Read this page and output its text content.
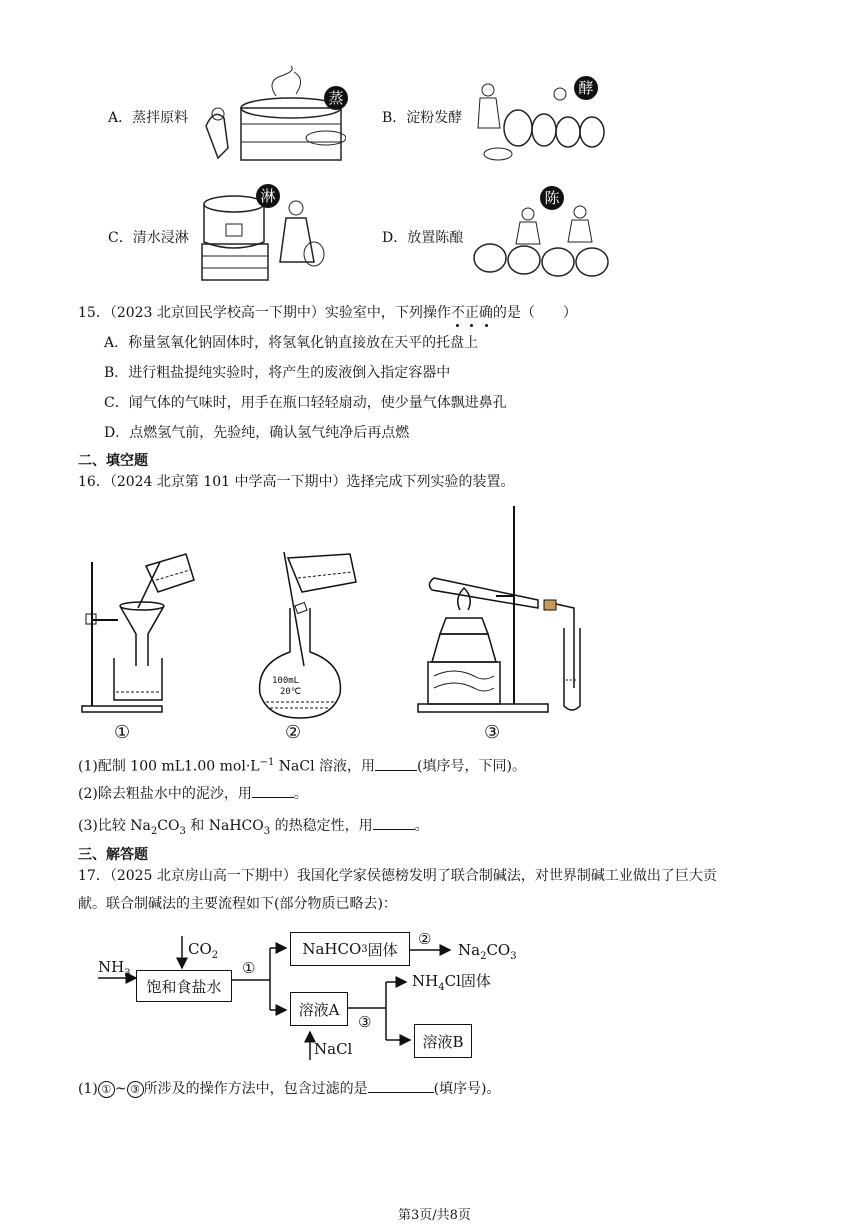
A．蒸拌原料
蒸
B．淀粉发酵
酵
C．清水浸淋
淋
D．放置陈酿
陈
15．（2023 北京回民学校高一下期中）实验室中，下列操作不正确
的是（　　）
A．称量氢氧化钠固体时，将氢氧化钠直接放在天平的托盘上
B．进行粗盐提纯实验时，将产生的废液倒入指定容器中
C．闻气体的气味时，用手在瓶口轻轻扇动，使少量气体飘进鼻孔
D．点燃氢气前，先验纯，确认氢气纯净后再点燃
二、填空题
16．（2024 北京第 101 中学高一下期中）选择完成下列实验的装置。
①
100mL
20℃
②	③
(1)配制 100 mL1.00 $mol\cdot L^{-1}$ NaCl 溶液，用	(填序号，下同)。
(2)除去粗盐水中的泥沙，用	。
(3)比较 $Na_2CO_3$ 和 NaHCO$_3$ 的热稳定性，用	。
三、解答题
17．（2025 北京房山高一下期中）我国化学家侯德榜发明了联合制碱法，对世界制碱工业做出了巨大贡
献。联合制碱法的主要流程如下(部分物质已略去)：
$NH_3$
$CO_2$
饱和食盐水
①
NaHCO 3 固体
②
$Na_2CO_3$
$NH_4Cl$固体
溶液A
③
溶液B
NaCl
(1) ① ~ ③ 所涉及的操作方法中，包含过滤的是	(填序号)。
第3页/共8页
